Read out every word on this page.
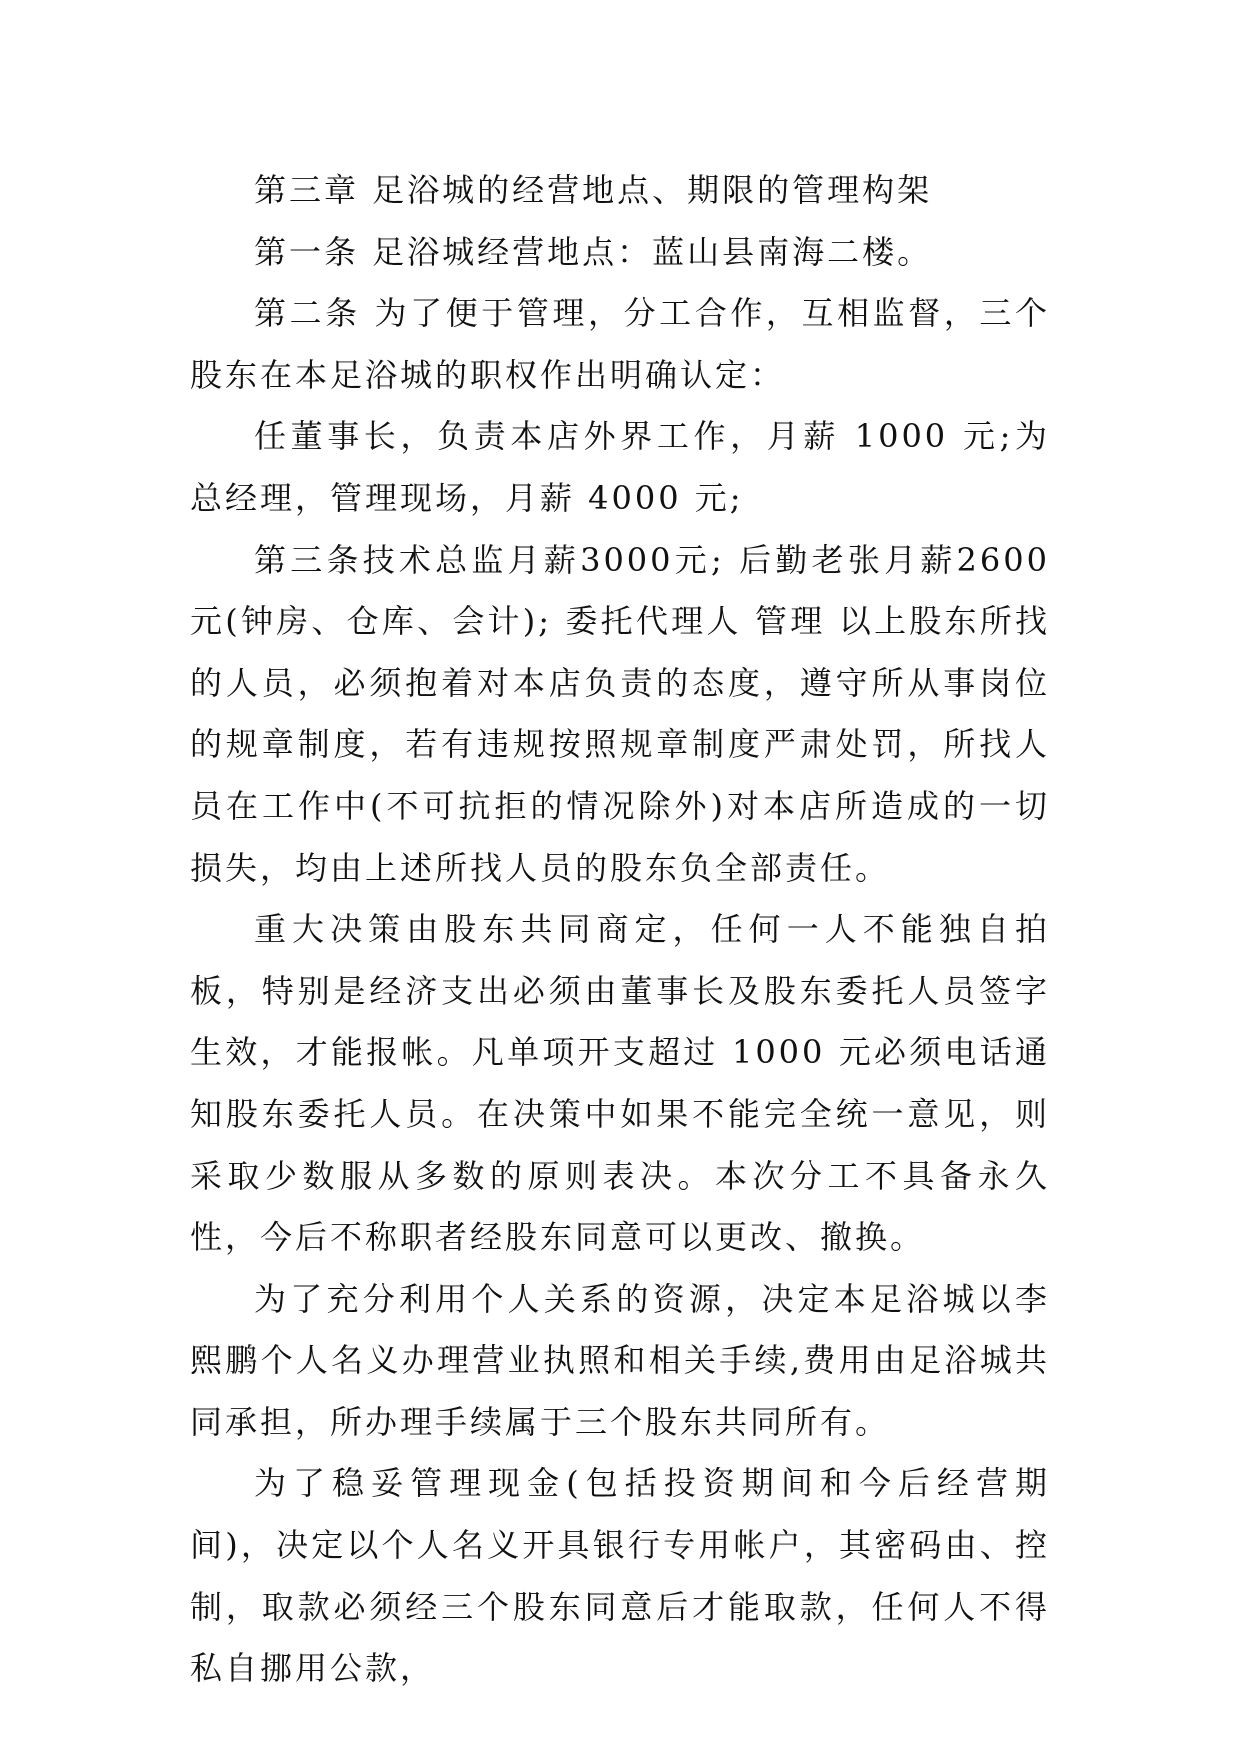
第三章 足浴城的经营地点、期限的管理构架

第一条 足浴城经营地点：蓝山县南海二楼。

第二条 为了便于管理，分工合作，互相监督，三个股东在本足浴城的职权作出明确认定：

任董事长，负责本店外界工作，月薪 1000 元;为总经理，管理现场，月薪 4000 元;

第三条技术总监月薪3000元; 后勤老张月薪2600元(钟房、仓库、会计); 委托代理人 管理 以上股东所找的人员，必须抱着对本店负责的态度，遵守所从事岗位的规章制度，若有违规按照规章制度严肃处罚，所找人员在工作中(不可抗拒的情况除外)对本店所造成的一切损失，均由上述所找人员的股东负全部责任。

重大决策由股东共同商定，任何一人不能独自拍板，特别是经济支出必须由董事长及股东委托人员签字生效，才能报帐。凡单项开支超过 1000 元必须电话通知股东委托人员。在决策中如果不能完全统一意见，则采取少数服从多数的原则表决。本次分工不具备永久性，今后不称职者经股东同意可以更改、撤换。

为了充分利用个人关系的资源，决定本足浴城以李熙鹏个人名义办理营业执照和相关手续,费用由足浴城共同承担，所办理手续属于三个股东共同所有。

为了稳妥管理现金(包括投资期间和今后经营期间)，决定以个人名义开具银行专用帐户，其密码由、控制，取款必须经三个股东同意后才能取款，任何人不得私自挪用公款，
